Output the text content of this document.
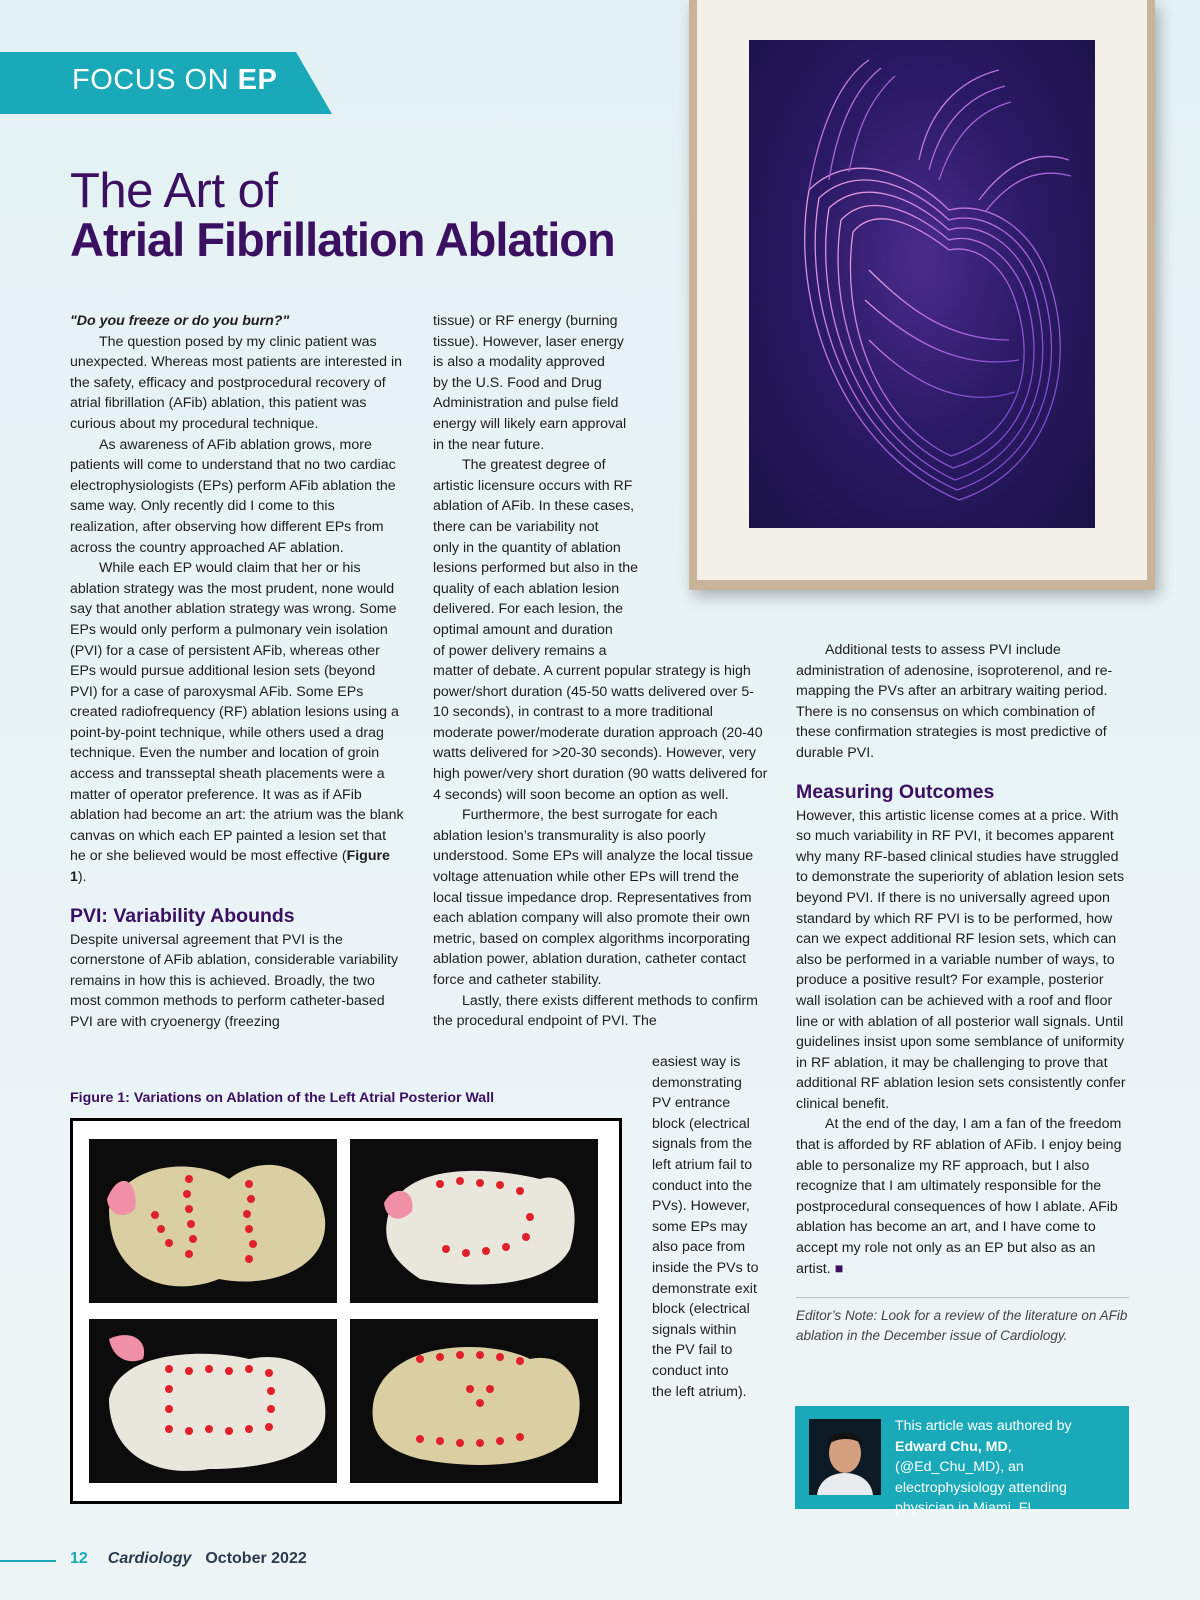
FOCUS ON EP
The Art of
Atrial Fibrillation Ablation

"Do you freeze or do you burn?"

The question posed by my clinic patient was unexpected. Whereas most patients are interested in the safety, efficacy and postprocedural recovery of atrial fibrillation (AFib) ablation, this patient was curious about my procedural technique.

As awareness of AFib ablation grows, more patients will come to understand that no two cardiac electrophysiologists (EPs) perform AFib ablation the same way. Only recently did I come to this realization, after observing how different EPs from across the country approached AF ablation.

While each EP would claim that her or his ablation strategy was the most prudent, none would say that another ablation strategy was wrong. Some EPs would only perform a pulmonary vein isolation (PVI) for a case of persistent AFib, whereas other EPs would pursue additional lesion sets (beyond PVI) for a case of paroxysmal AFib. Some EPs created radiofrequency (RF) ablation lesions using a point-by-point technique, while others used a drag technique. Even the number and location of groin access and transseptal sheath placements were a matter of operator preference. It was as if AFib ablation had become an art: the atrium was the blank canvas on which each EP painted a lesion set that he or she believed would be most effective (Figure 1).

PVI: Variability Abounds

Despite universal agreement that PVI is the cornerstone of AFib ablation, considerable variability remains in how this is achieved. Broadly, the two most common methods to perform catheter-based PVI are with cryoenergy (freezing

tissue) or RF energy (burning
tissue). However, laser energy
is also a modality approved
by the U.S. Food and Drug
Administration and pulse field
energy will likely earn approval
in the near future.
The greatest degree of
artistic licensure occurs with RF
ablation of AFib. In these cases,
there can be variability not
only in the quantity of ablation
lesions performed but also in the
quality of each ablation lesion
delivered. For each lesion, the
optimal amount and duration
of power delivery remains a

matter of debate. A current popular strategy is high power/short duration (45-50 watts delivered over 5-10 seconds), in contrast to a more traditional moderate power/moderate duration approach (20-40 watts delivered for >20-30 seconds). However, very high power/very short duration (90 watts delivered for 4 seconds) will soon become an option as well.

Furthermore, the best surrogate for each ablation lesion’s transmurality is also poorly understood. Some EPs will analyze the local tissue voltage attenuation while other EPs will trend the local tissue impedance drop. Representatives from each ablation company will also promote their own metric, based on complex algorithms incorporating ablation power, ablation duration, catheter contact force and catheter stability.

Lastly, there exists different methods to confirm the procedural endpoint of PVI. The

easiest way is
demonstrating
PV entrance
block (electrical
signals from the
left atrium fail to
conduct into the
PVs). However,
some EPs may
also pace from
inside the PVs to
demonstrate exit
block (electrical
signals within
the PV fail to
conduct into
the left atrium).

Additional tests to assess PVI include administration of adenosine, isoproterenol, and re-mapping the PVs after an arbitrary waiting period. There is no consensus on which combination of these confirmation strategies is most predictive of durable PVI.

Measuring Outcomes

However, this artistic license comes at a price. With so much variability in RF PVI, it becomes apparent why many RF-based clinical studies have struggled to demonstrate the superiority of ablation lesion sets beyond PVI. If there is no universally agreed upon standard by which RF PVI is to be performed, how can we expect additional RF lesion sets, which can also be performed in a variable number of ways, to produce a positive result? For example, posterior wall isolation can be achieved with a roof and floor line or with ablation of all posterior wall signals. Until guidelines insist upon some semblance of uniformity in RF ablation, it may be challenging to prove that additional RF ablation lesion sets consistently confer clinical benefit.

At the end of the day, I am a fan of the freedom that is afforded by RF ablation of AFib. I enjoy being able to personalize my RF approach, but I also recognize that I am ultimately responsible for the postprocedural consequences of how I ablate. AFib ablation has become an art, and I have come to accept my role not only as an EP but also as an artist. ■

Editor’s Note: Look for a review of the literature on AFib ablation in the December issue of Cardiology.
Figure 1: Variations on Ablation of the Left Atrial Posterior Wall
This article was authored by
Edward Chu, MD, (@Ed_Chu_MD), an electrophysiology attending physician in Miami, FL.
12 Cardiology October 2022
